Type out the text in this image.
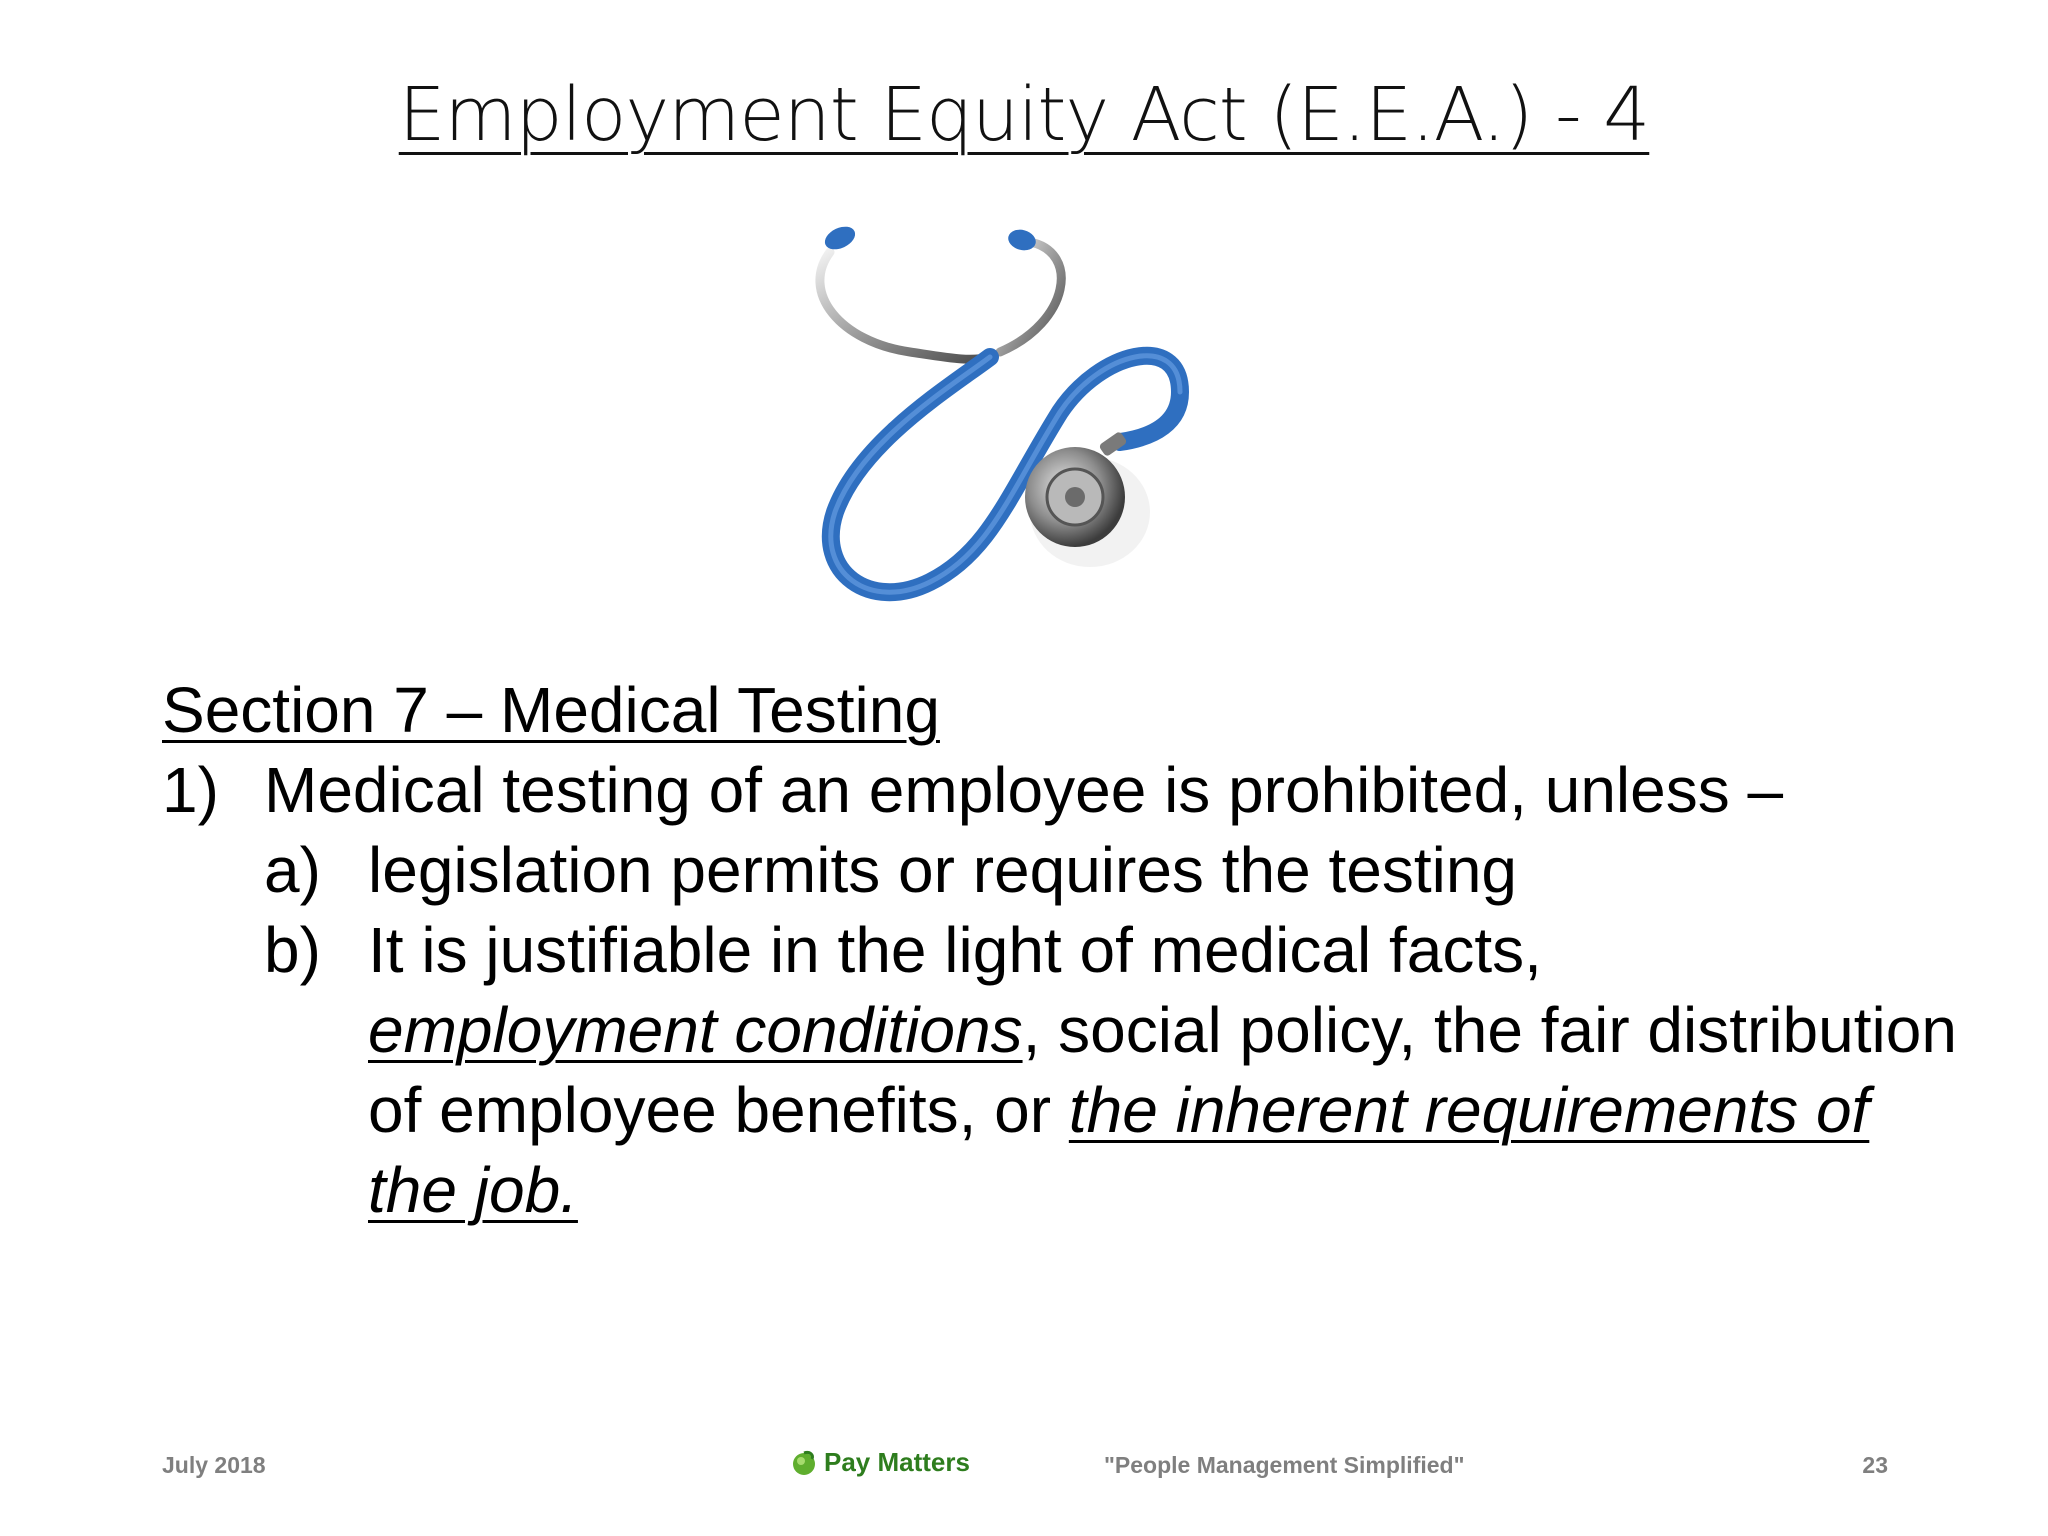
Employment Equity Act (E.E.A.) - 4
Section 7 – Medical Testing
1) Medical testing of an employee is prohibited, unless –
a) legislation permits or requires the testing
b) It is justifiable in the light of medical facts,
employment conditions, social policy, the fair distribution of employee benefits, or the inherent requirements of the job.
July 2018	Pay Matters	"People Management Simplified"	23
